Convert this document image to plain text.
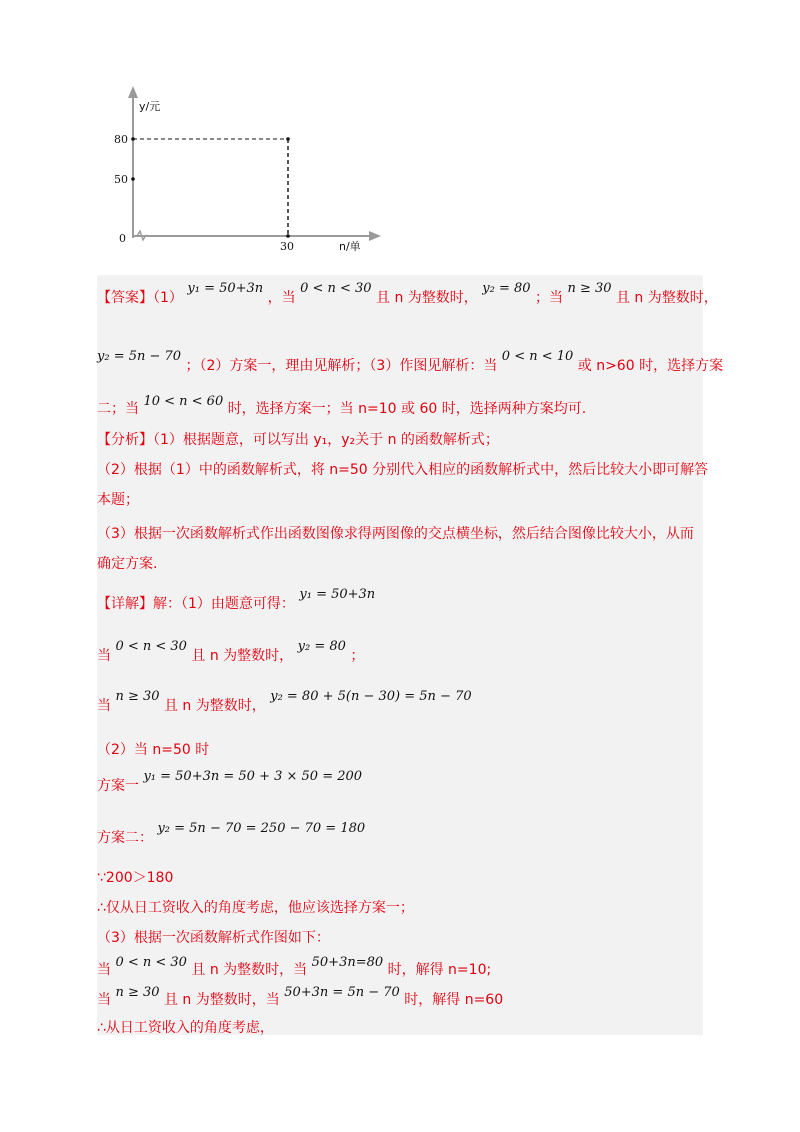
y/元
n/单
80
50
0
30
【答案】（1） y₁ = 50+3n ，当 0 < n < 30 且 n 为整数时， y₂ = 80 ；当 n ≥ 30 且 n 为整数时，
y₂ = 5n − 70 ；（2）方案一，理由见解析；（3）作图见解析：当 0 < n < 10 或 n>60 时，选择方案
二；当 10 < n < 60 时，选择方案一；当 n=10 或 60 时，选择两种方案均可.
【分析】（1）根据题意，可以写出 y₁，y₂关于 n 的函数解析式；
（2）根据（1）中的函数解析式，将 n=50 分别代入相应的函数解析式中，然后比较大小即可解答
本题；
（3）根据一次函数解析式作出函数图像求得两图像的交点横坐标，然后结合图像比较大小，从而
确定方案.
【详解】解：（1）由题意可得： y₁ = 50+3n
当 0 < n < 30 且 n 为整数时， y₂ = 80 ；
当 n ≥ 30 且 n 为整数时， y₂ = 80 + 5(n − 30) = 5n − 70
（2）当 n=50 时
方案一 y₁ = 50+3n = 50 + 3 × 50 = 200
方案二： y₂ = 5n − 70 = 250 − 70 = 180
∵200＞180
∴仅从日工资收入的角度考虑，他应该选择方案一；
（3）根据一次函数解析式作图如下：
当 0 < n < 30 且 n 为整数时，当 50+3n=80 时，解得 n=10;
当 n ≥ 30 且 n 为整数时，当 50+3n = 5n − 70 时，解得 n=60
∴从日工资收入的角度考虑，
